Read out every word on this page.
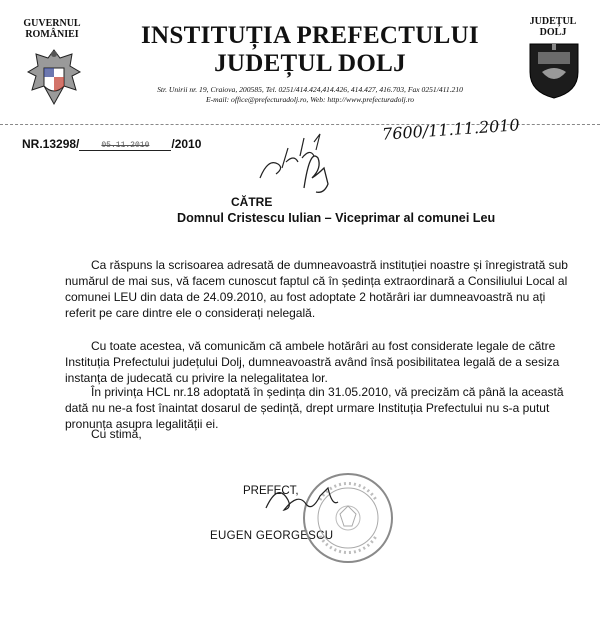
GUVERNUL ROMÂNIEI
JUDEȚUL DOLJ
INSTITUȚIA PREFECTULUI
JUDEȚUL DOLJ
Str. Unirii nr. 19, Craiova, 200585, Tel. 0251/414.424,414.426, 414.427, 416.703, Fax 0251/411.210
E-mail: office@prefecturadolj.ro, Web: http://www.prefecturadolj.ro
NR.13298/	05.11.2010 /2010
7600/11.11.2010
CĂTRE
Domnul Cristescu Iulian – Viceprimar al comunei Leu
Ca răspuns la scrisoarea adresată de dumneavoastră instituției noastre și înregistrată sub numărul de mai sus, vă facem cunoscut faptul că în ședința extraordinară a Consiliului Local al comunei LEU din data de 24.09.2010, au fost adoptate 2 hotărâri iar dumneavoastră nu ați referit pe care dintre ele o considerați nelegală.
Cu toate acestea, vă comunicăm că ambele hotărâri au fost considerate legale de către Instituția Prefectului județului Dolj, dumneavoastră având însă posibilitatea legală de a sesiza instanța de judecată cu privire la nelegalitatea lor.
În privința HCL nr.18 adoptată în ședința din 31.05.2010, vă precizăm că până la această dată nu ne-a fost înaintat dosarul de ședință, drept urmare Instituția Prefectului nu s-a putut pronunța asupra legalității ei.
Cu stimă,
PREFECT,
EUGEN GEORGESCU
